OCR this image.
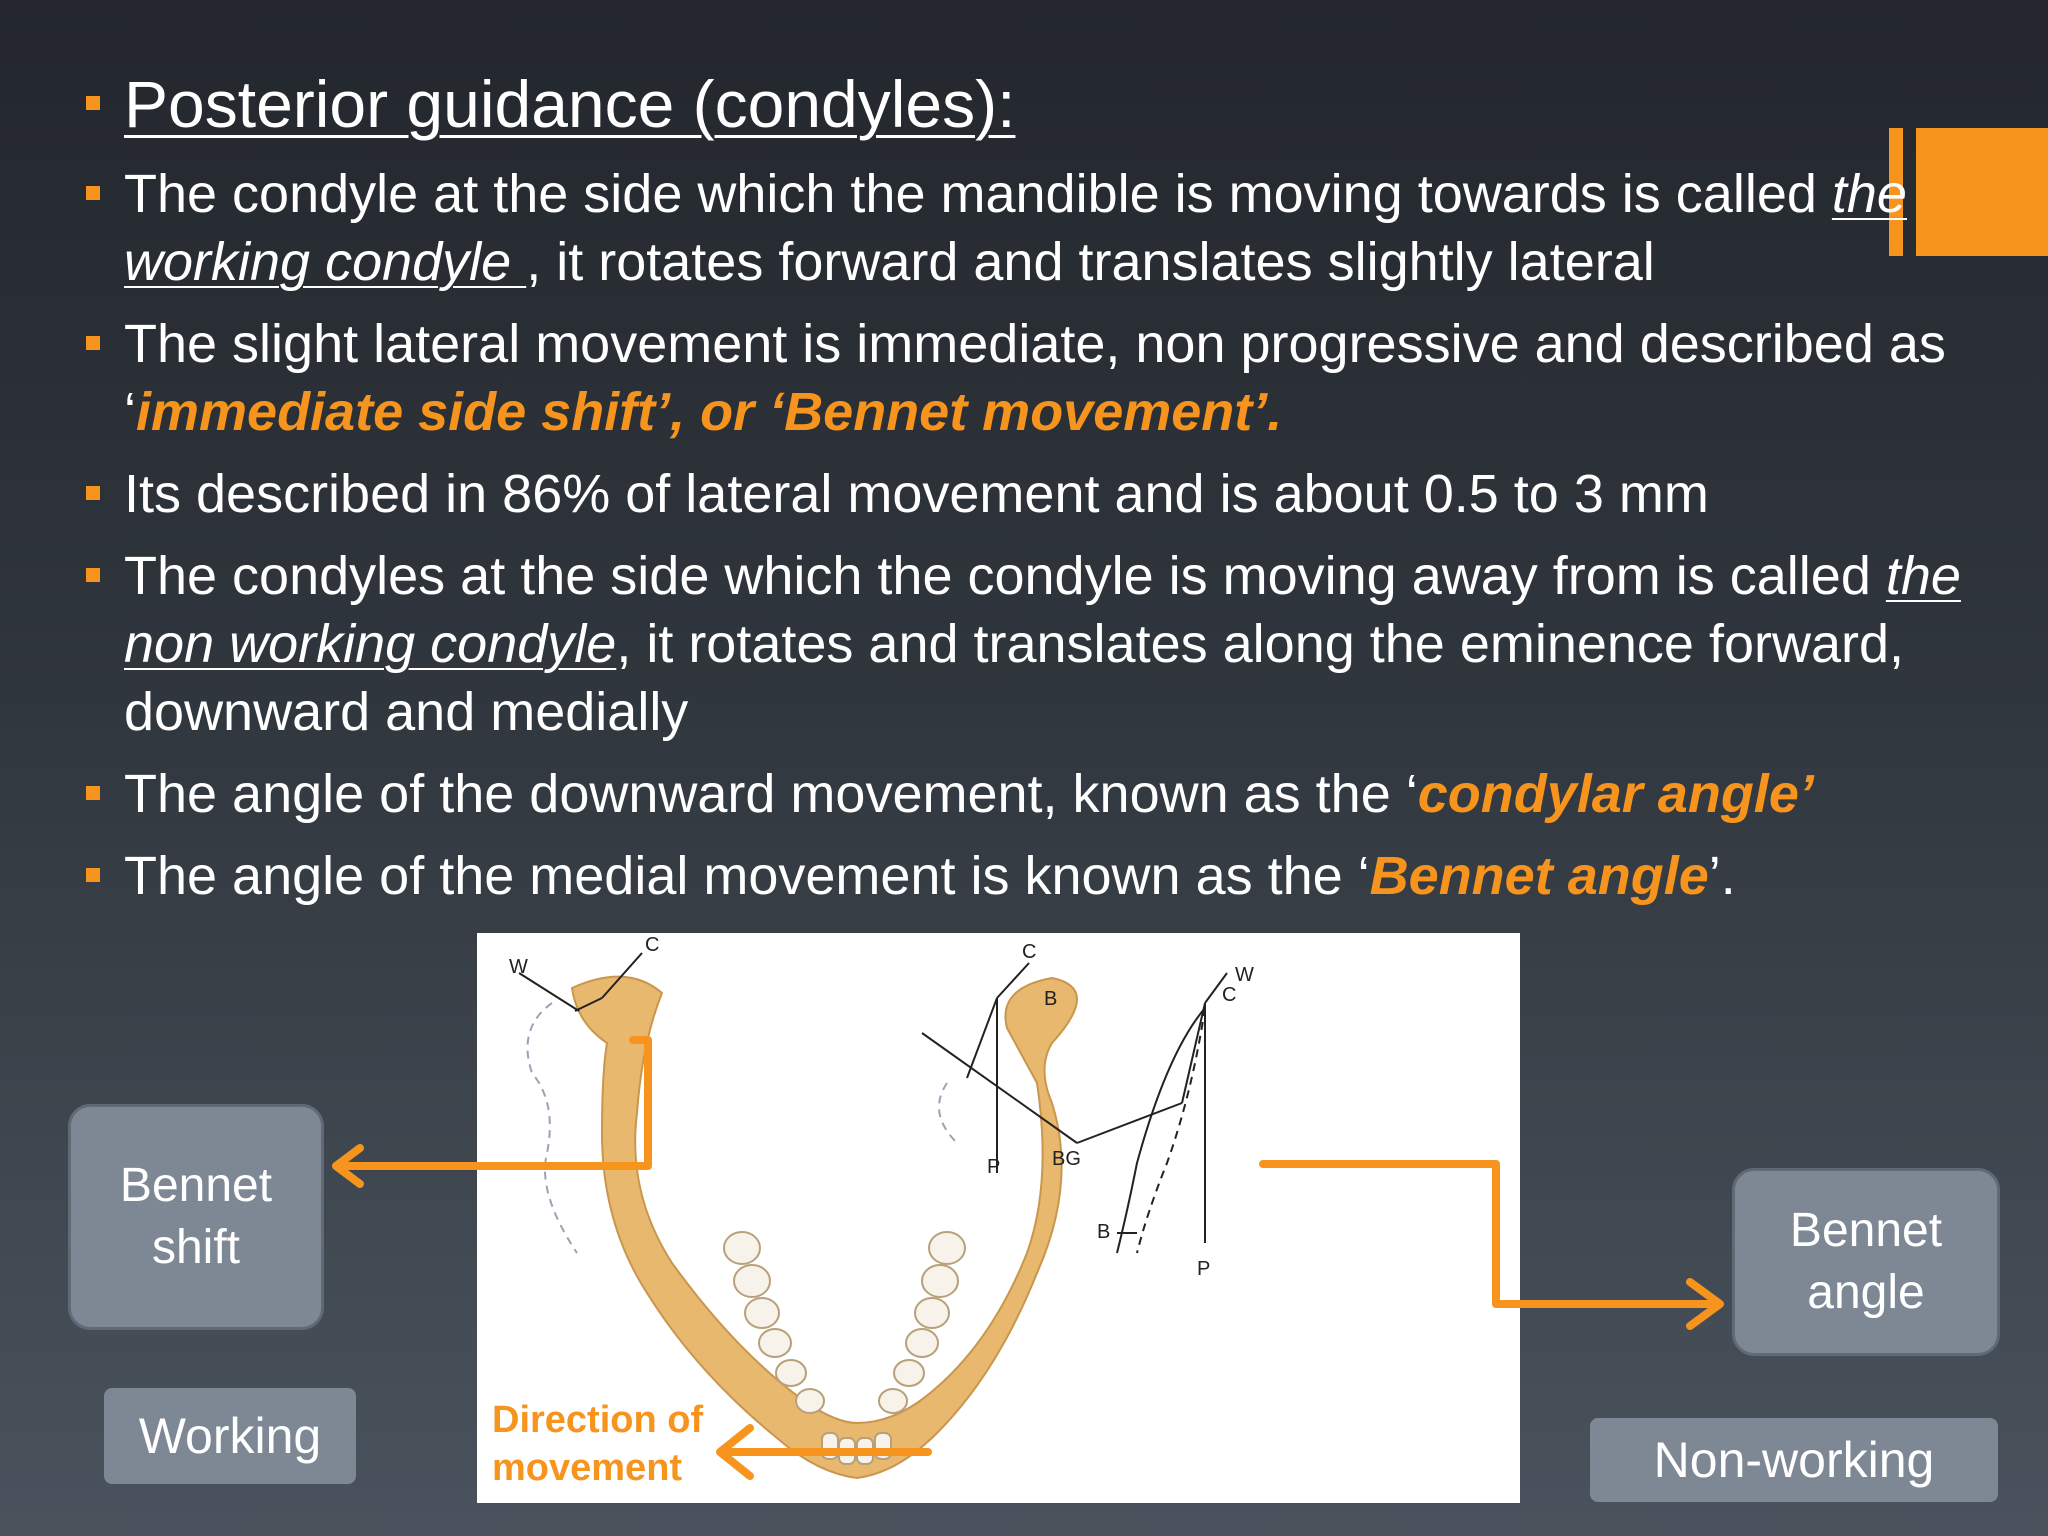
Posterior guidance (condyles):
The condyle at the side which the mandible is moving towards is called the working condyle , it rotates forward and translates slightly lateral
The slight lateral movement is immediate, non progressive and described as ‘immediate side shift’, or ‘Bennet movement’.
Its described in 86% of lateral movement and is about 0.5 to 3 mm
The condyles at the side which the condyle is moving away from is called the non working condyle, it rotates and translates along the eminence forward, downward and medially
The angle of the downward movement, known as the ‘condylar angle’
The angle of the medial movement is known as the ‘Bennet angle’.
W
C	C
B
P	BG
C
W
B
P
Direction of
movement
Bennet
shift	Bennet
angle
Working	Non-working
